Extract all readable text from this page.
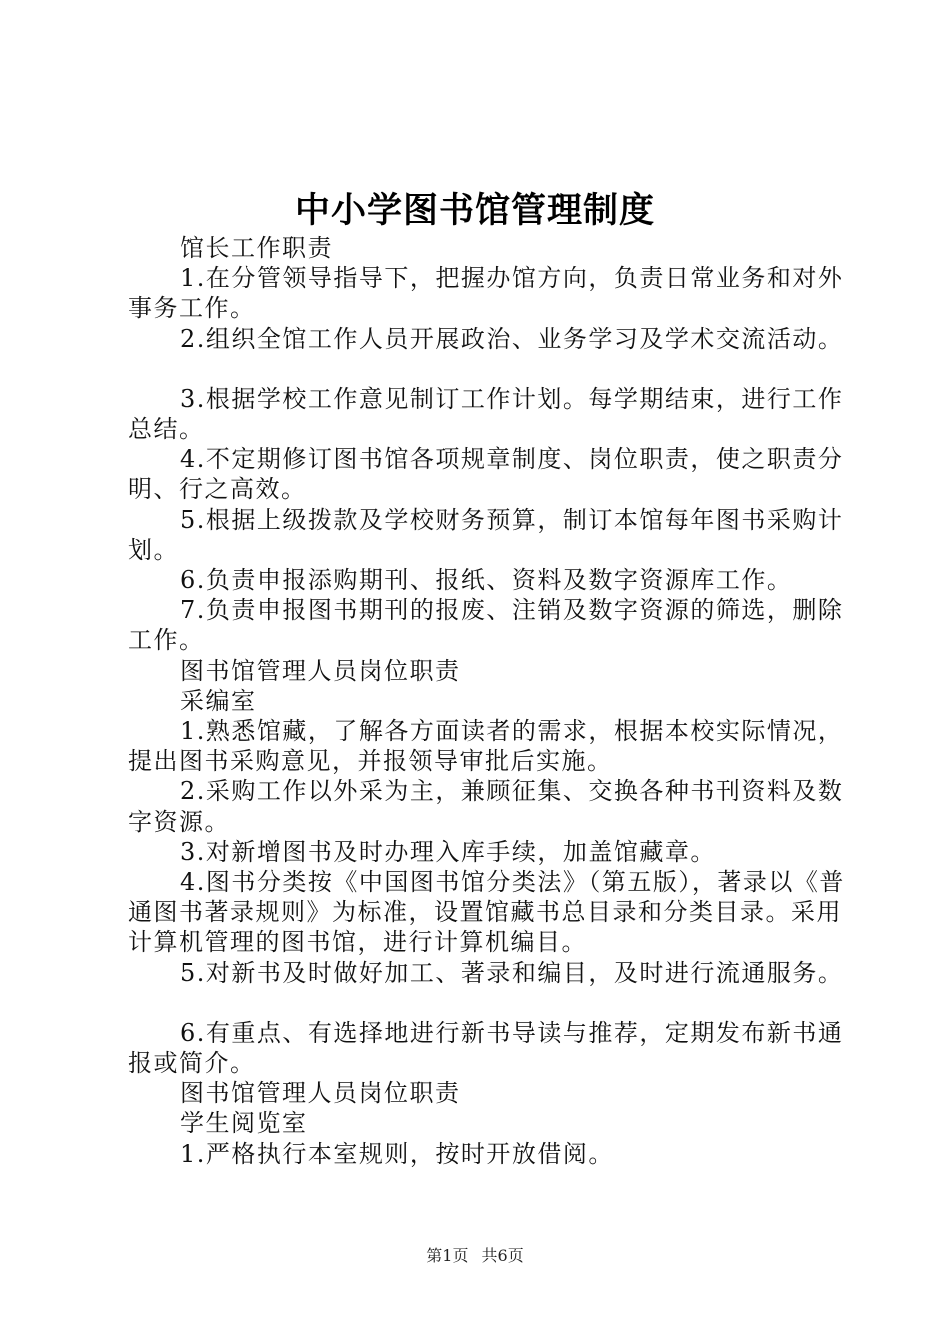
中小学图书馆管理制度

馆长工作职责

1.在分管领导指导下，把握办馆方向，负责日常业务和对外事务工作。

2.组织全馆工作人员开展政治、业务学习及学术交流活动。

3.根据学校工作意见制订工作计划。每学期结束，进行工作总结。

4.不定期修订图书馆各项规章制度、岗位职责，使之职责分明、行之高效。

5.根据上级拨款及学校财务预算，制订本馆每年图书采购计划。

6.负责申报添购期刊、报纸、资料及数字资源库工作。

7.负责申报图书期刊的报废、注销及数字资源的筛选，删除工作。

图书馆管理人员岗位职责

采编室

1.熟悉馆藏，了解各方面读者的需求，根据本校实际情况，提出图书采购意见，并报领导审批后实施。

2.采购工作以外采为主，兼顾征集、交换各种书刊资料及数字资源。

3.对新增图书及时办理入库手续，加盖馆藏章。

4.图书分类按《中国图书馆分类法》（第五版），著录以《普通图书著录规则》为标准，设置馆藏书总目录和分类目录。采用计算机管理的图书馆，进行计算机编目。

5.对新书及时做好加工、著录和编目，及时进行流通服务。

6.有重点、有选择地进行新书导读与推荐，定期发布新书通报或简介。

图书馆管理人员岗位职责

学生阅览室

1.严格执行本室规则，按时开放借阅。

第1页 共6页
